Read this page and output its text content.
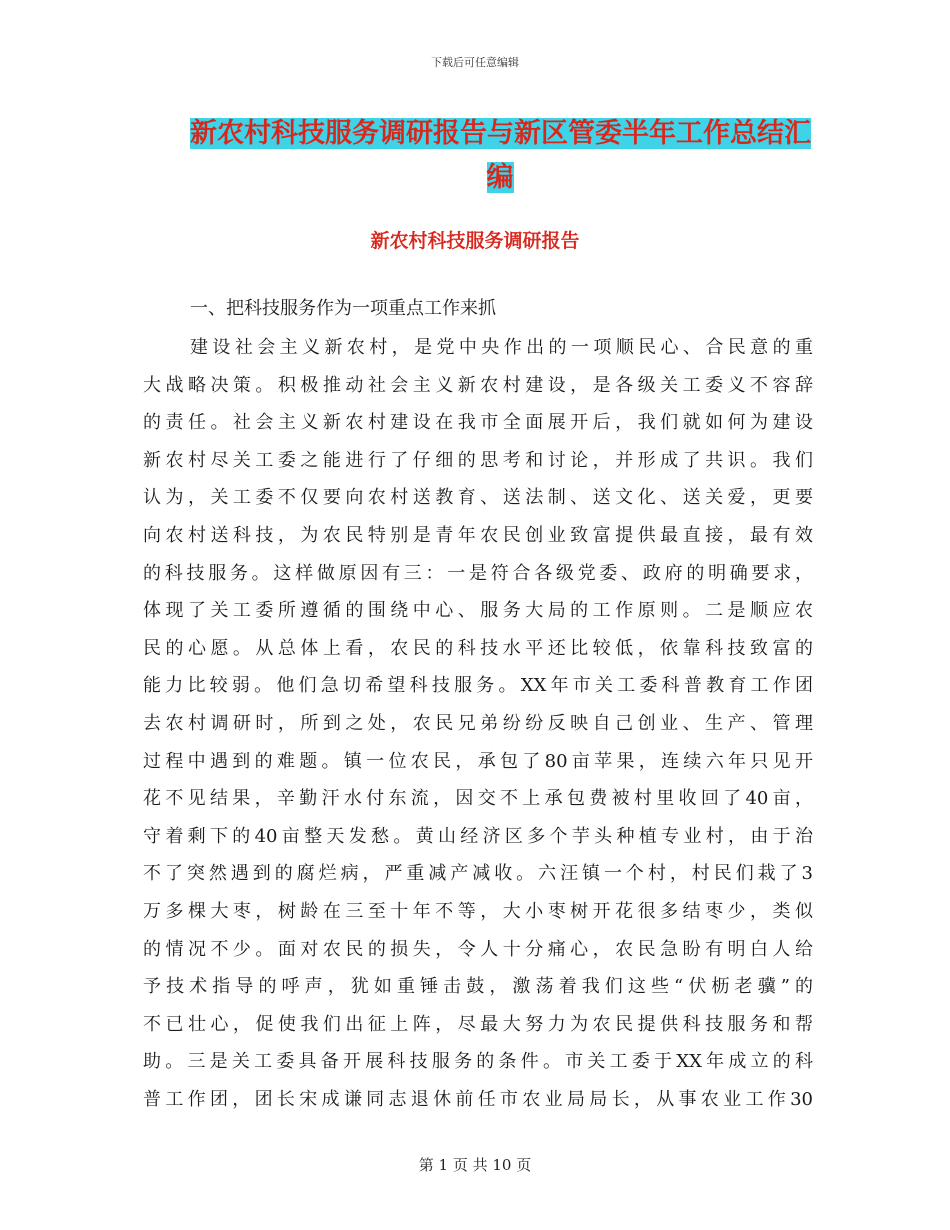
下载后可任意编辑
新农村科技服务调研报告与新区管委半年工作总结汇
编
新农村科技服务调研报告
一、把科技服务作为一项重点工作来抓
建设社会主义新农村，是党中央作出的一项顺民心、合民意的重
大战略决策。积极推动社会主义新农村建设，是各级关工委义不容辞
的责任。社会主义新农村建设在我市全面展开后，我们就如何为建设
新农村尽关工委之能进行了仔细的思考和讨论，并形成了共识。我们
认为，关工委不仅要向农村送教育、送法制、送文化、送关爱，更要
向农村送科技，为农民特别是青年农民创业致富提供最直接，最有效
的科技服务。这样做原因有三：一是符合各级党委、政府的明确要求，
体现了关工委所遵循的围绕中心、服务大局的工作原则。二是顺应农
民的心愿。从总体上看，农民的科技水平还比较低，依靠科技致富的
能力比较弱。他们急切希望科技服务。XX年市关工委科普教育工作团
去农村调研时，所到之处，农民兄弟纷纷反映自己创业、生产、管理
过程中遇到的难题。镇一位农民，承包了80亩苹果，连续六年只见开
花不见结果，辛勤汗水付东流，因交不上承包费被村里收回了40亩，
守着剩下的40亩整天发愁。黄山经济区多个芋头种植专业村，由于治
不了突然遇到的腐烂病，严重减产减收。六汪镇一个村，村民们栽了3
万多棵大枣，树龄在三至十年不等，大小枣树开花很多结枣少，类似
的情况不少。面对农民的损失，令人十分痛心，农民急盼有明白人给
予技术指导的呼声，犹如重锤击鼓，激荡着我们这些“伏枥老骥”的
不已壮心，促使我们出征上阵，尽最大努力为农民提供科技服务和帮
助。三是关工委具备开展科技服务的条件。市关工委于XX年成立的科
普工作团，团长宋成谦同志退休前任市农业局局长，从事农业工作30
第 1 页 共 10 页
